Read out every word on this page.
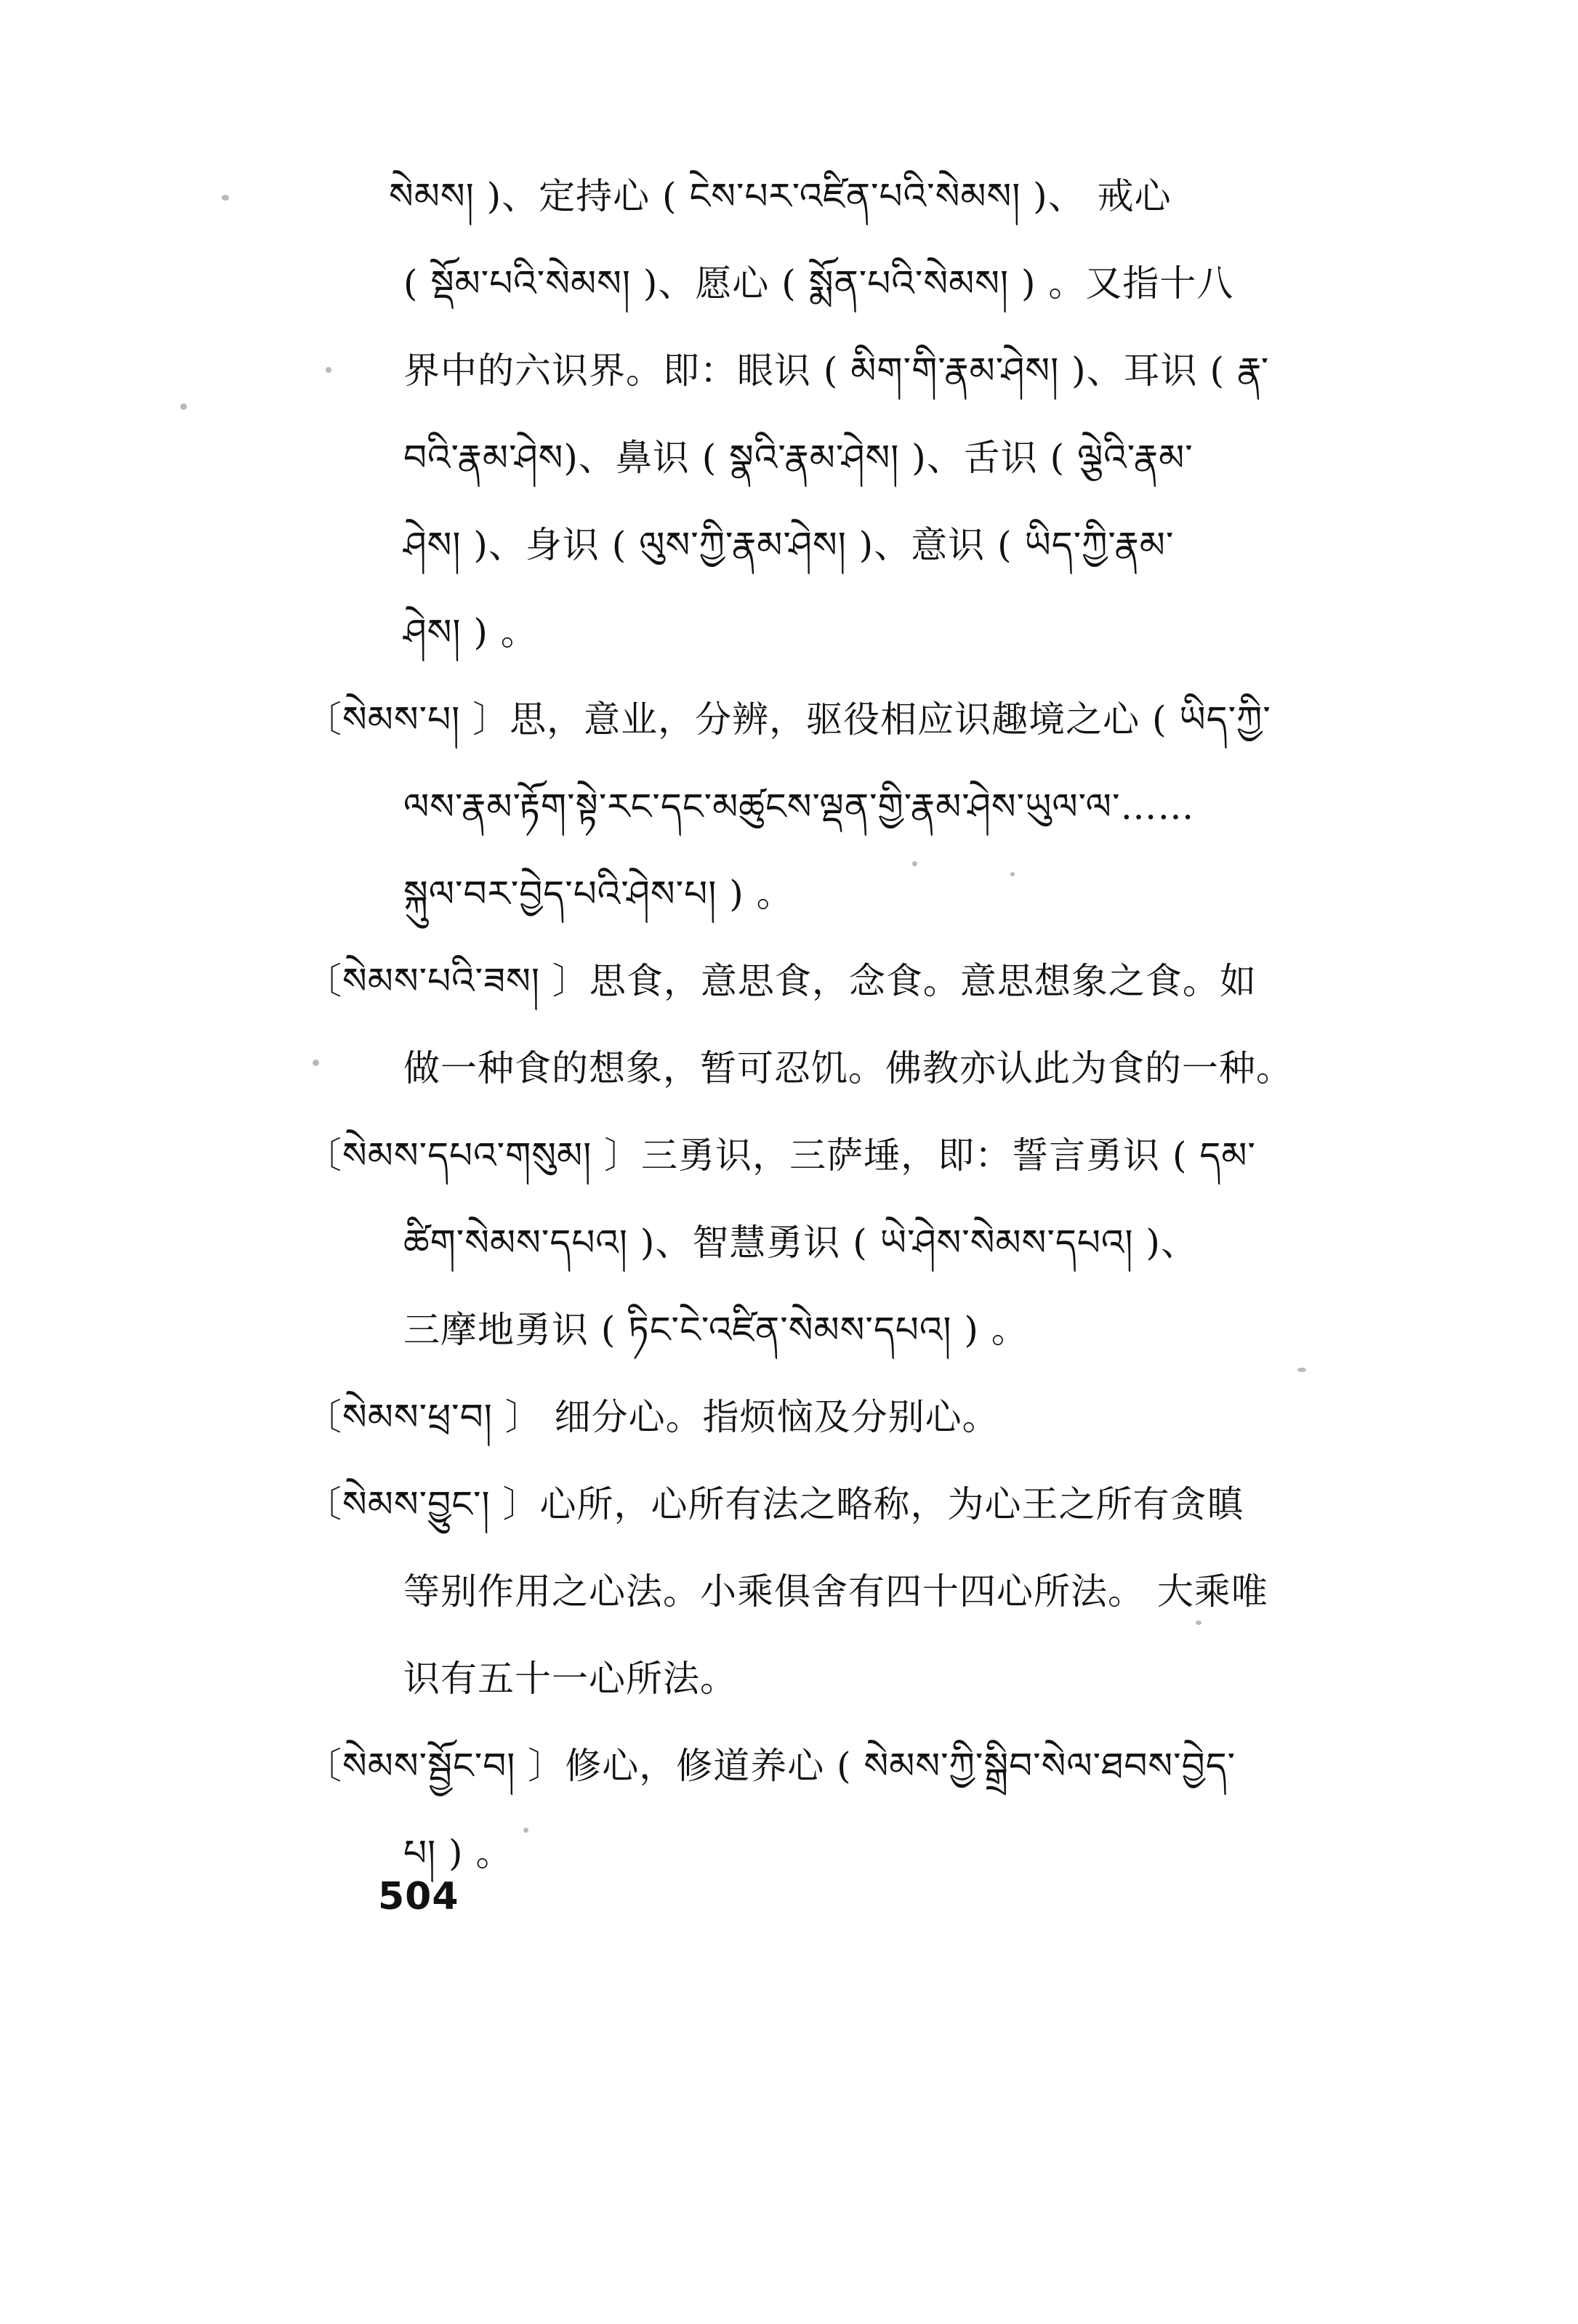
སེམས། )、定持心 ( ངེས་པར་འཛིན་པའི་སེམས། )、 戒心
( སྡོམ་པའི་སེམས། )、愿心 ( སྨོན་པའི་སེམས། ) 。又指十八
界中的六识界。即：眼识 ( མིག་གི་རྣམ་ཤེས། )、耳识 ( རྣ་
བའི་རྣམ་ཤེས)、鼻识 ( སྣའི་རྣམ་ཤེས། )、舌识 ( ལྕེའི་རྣམ་
ཤེས། )、身识 ( ལུས་ཀྱི་རྣམ་ཤེས། )、意识 ( ཡིད་ཀྱི་རྣམ་
ཤེས། ) 。
〔སེམས་པ། 〕思，意业，分辨，驱役相应识趣境之心 ( ཡིད་ཀྱི་
ལས་རྣམ་རྟོག་སྟེ་རང་དང་མཚུངས་ལྡན་གྱི་རྣམ་ཤེས་ཡུལ་ལ་……
སྐུལ་བར་བྱེད་པའི་ཤེས་པ། ) 。
〔སེམས་པའི་ཟས། 〕思食，意思食，念食。意思想象之食。如
做一种食的想象，暂可忍饥。佛教亦认此为食的一种。
〔སེམས་དཔའ་གསུམ། 〕三勇识，三萨埵，即：誓言勇识 ( དམ་
ཚིག་སེམས་དཔའ། )、智慧勇识 ( ཡེ་ཤེས་སེམས་དཔའ། )、
三摩地勇识 ( ཏིང་ངེ་འཛིན་སེམས་དཔའ། ) 。
〔སེམས་ཕྲ་བ། 〕 细分心。指烦恼及分别心。
〔སེམས་བྱུང་། 〕心所，心所有法之略称，为心王之所有贪瞋
等别作用之心法。小乘俱舍有四十四心所法。 大乘唯
识有五十一心所法。
〔སེམས་སྦྱོང་བ། 〕修心，修道养心 ( སེམས་ཀྱི་སྒྲིབ་སེལ་ཐབས་བྱེད་
པ། ) 。
504
